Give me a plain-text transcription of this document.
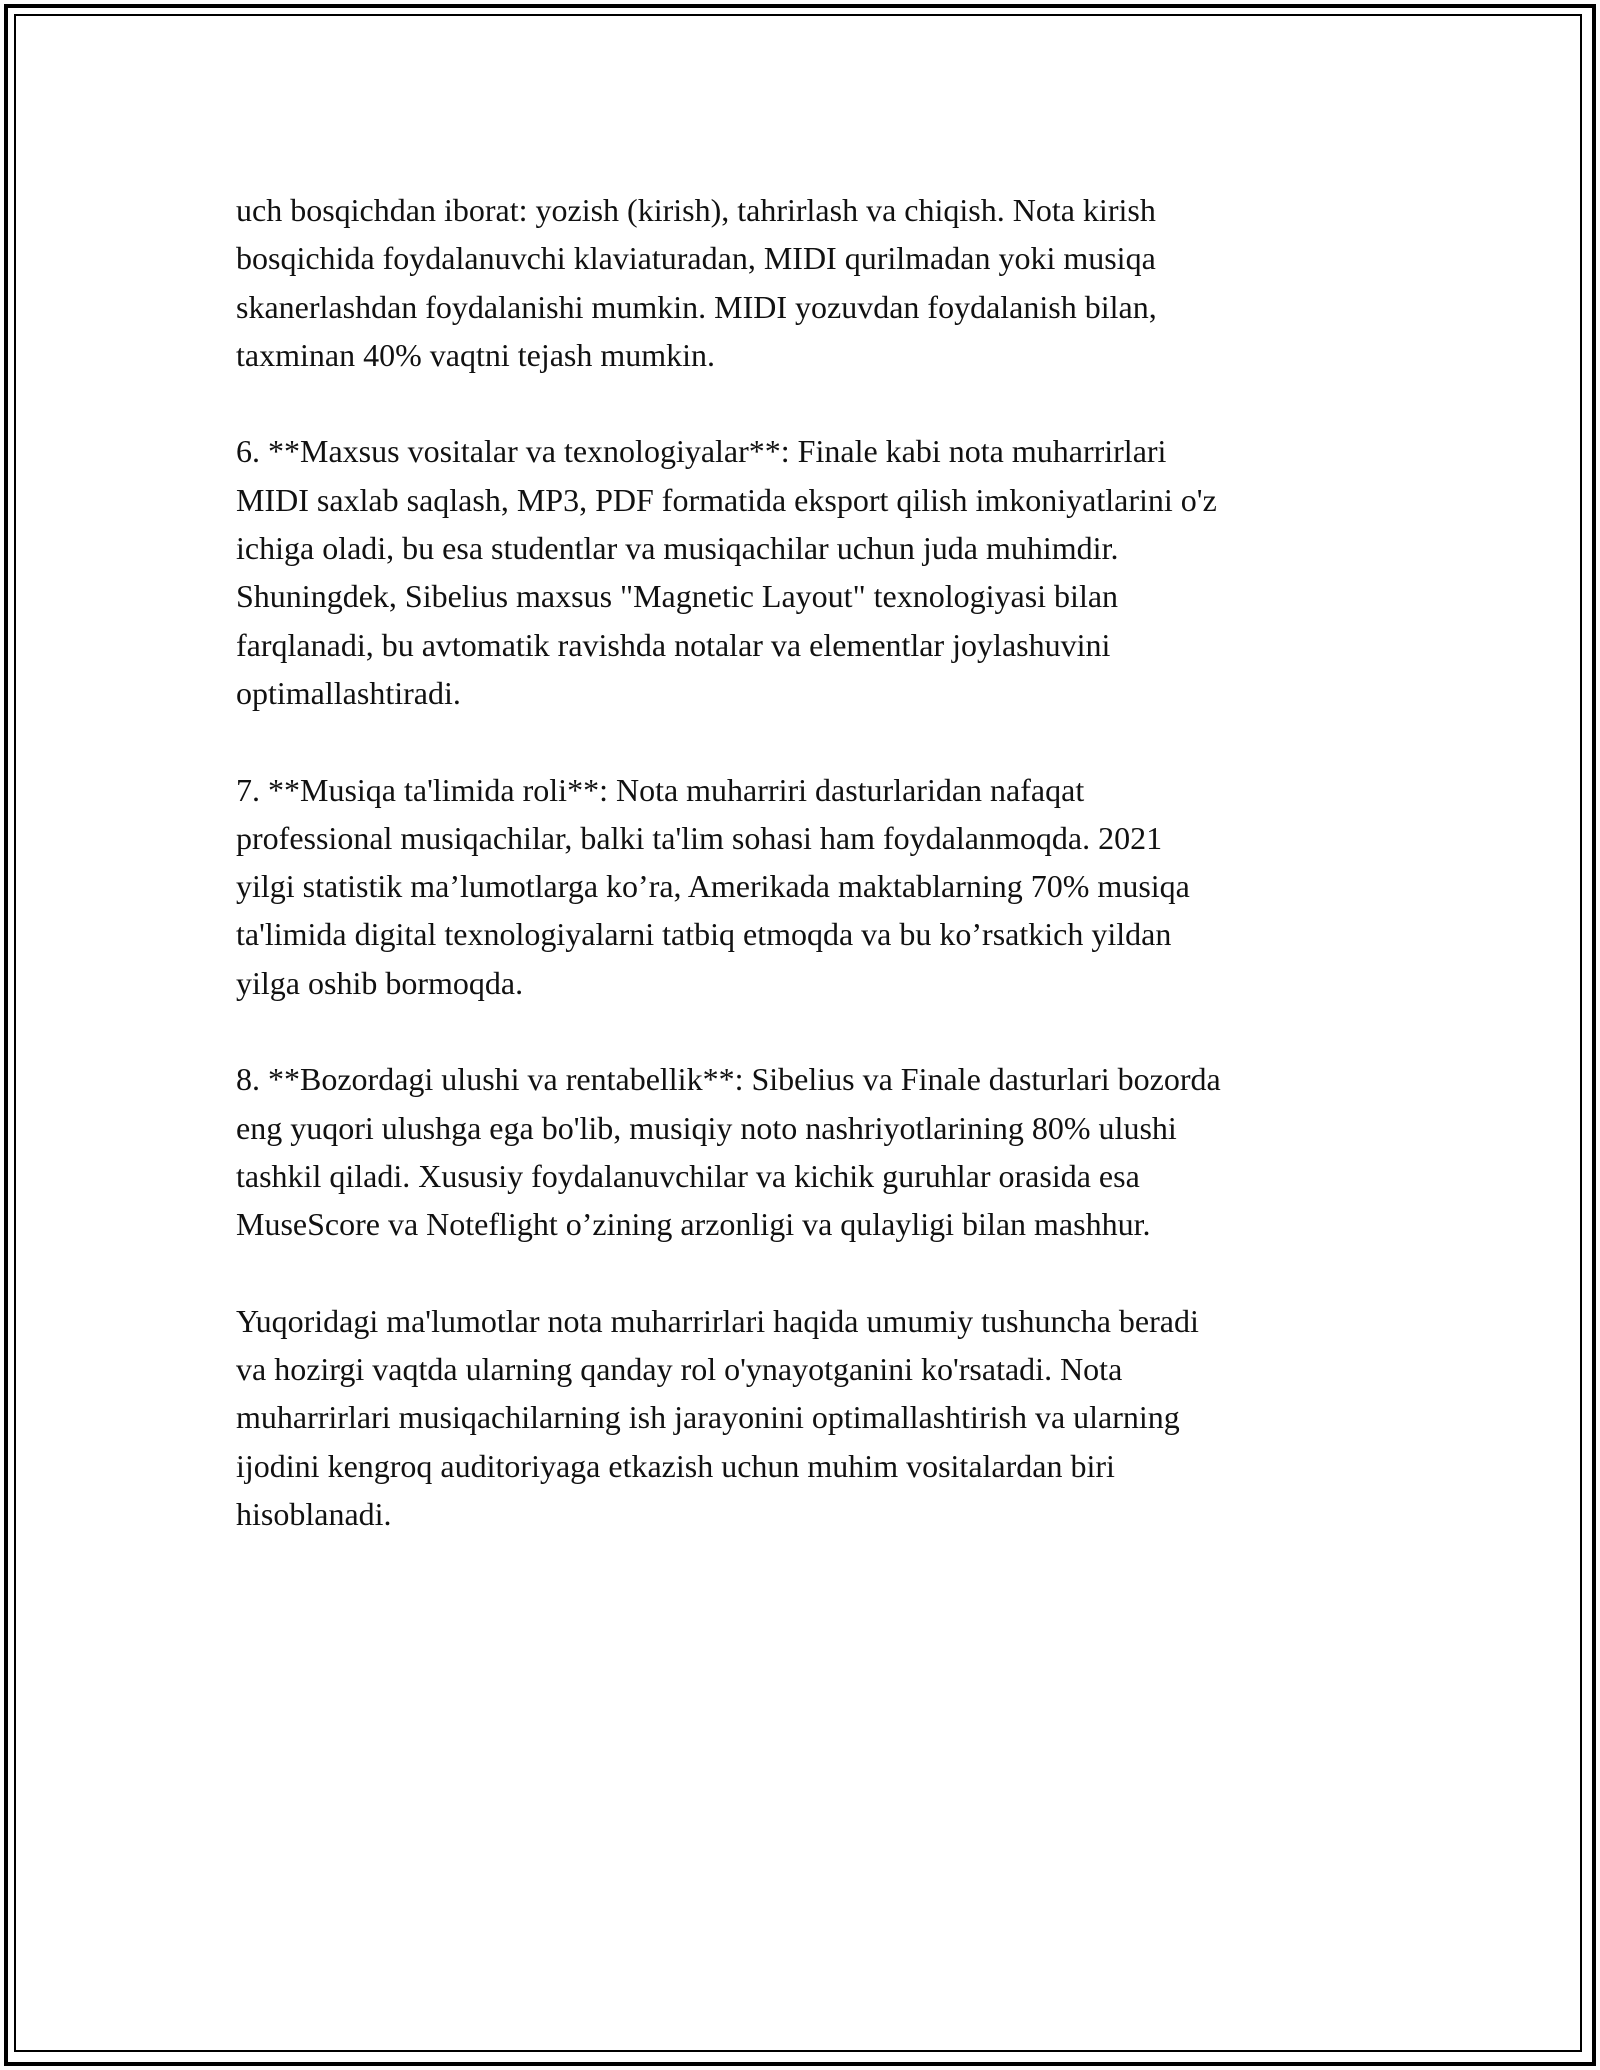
uch bosqichdan iborat: yozish (kirish), tahrirlash va chiqish. Nota kirish
bosqichida foydalanuvchi klaviaturadan, MIDI qurilmadan yoki musiqa
skanerlashdan foydalanishi mumkin. MIDI yozuvdan foydalanish bilan,
taxminan 40% vaqtni tejash mumkin.

6. **Maxsus vositalar va texnologiyalar**: Finale kabi nota muharrirlari
MIDI saxlab saqlash, MP3, PDF formatida eksport qilish imkoniyatlarini o'z
ichiga oladi, bu esa studentlar va musiqachilar uchun juda muhimdir.
Shuningdek, Sibelius maxsus "Magnetic Layout" texnologiyasi bilan
farqlanadi, bu avtomatik ravishda notalar va elementlar joylashuvini
optimallashtiradi.

7. **Musiqa ta'limida roli**: Nota muharriri dasturlaridan nafaqat
professional musiqachilar, balki ta'lim sohasi ham foydalanmoqda. 2021
yilgi statistik ma’lumotlarga ko’ra, Amerikada maktablarning 70% musiqa
ta'limida digital texnologiyalarni tatbiq etmoqda va bu ko’rsatkich yildan
yilga oshib bormoqda.

8. **Bozordagi ulushi va rentabellik**: Sibelius va Finale dasturlari bozorda
eng yuqori ulushga ega bo'lib, musiqiy noto nashriyotlarining 80% ulushi
tashkil qiladi. Xususiy foydalanuvchilar va kichik guruhlar orasida esa
MuseScore va Noteflight o’zining arzonligi va qulayligi bilan mashhur.

Yuqoridagi ma'lumotlar nota muharrirlari haqida umumiy tushuncha beradi
va hozirgi vaqtda ularning qanday rol o'ynayotganini ko'rsatadi. Nota
muharrirlari musiqachilarning ish jarayonini optimallashtirish va ularning
ijodini kengroq auditoriyaga etkazish uchun muhim vositalardan biri
hisoblanadi.
